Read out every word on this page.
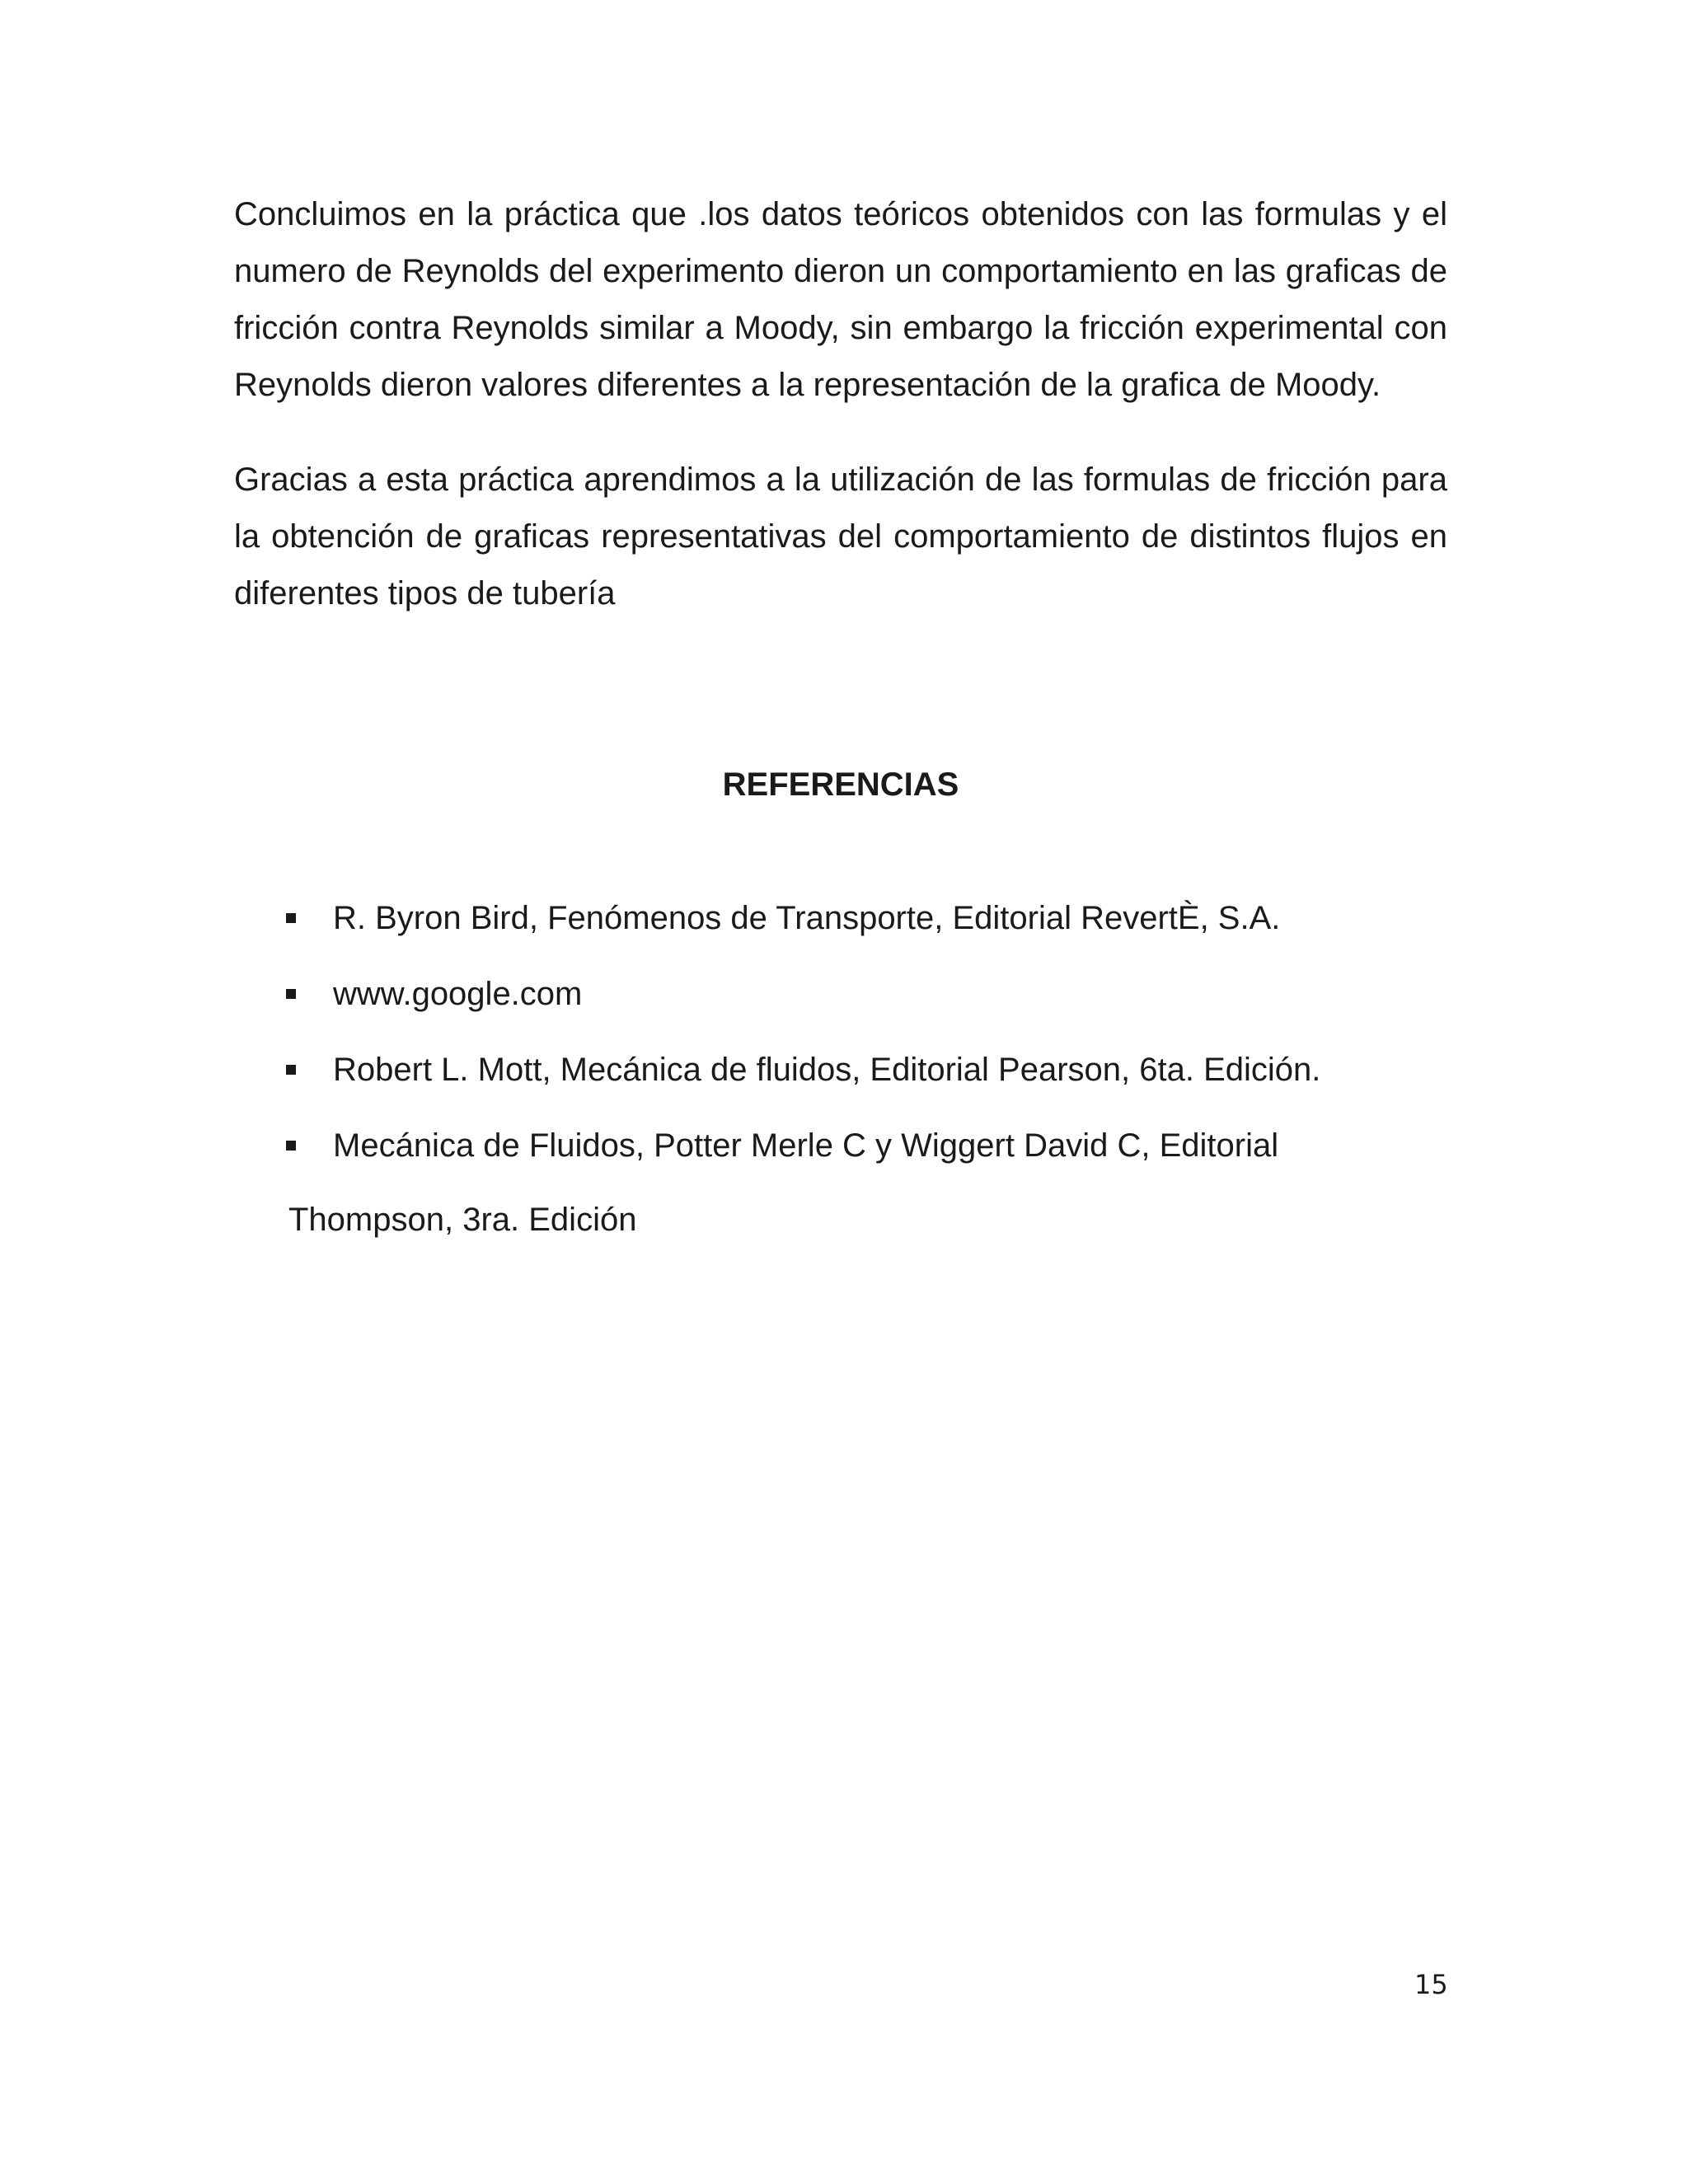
Concluimos en la práctica que .los datos teóricos obtenidos con las formulas y el numero de Reynolds del experimento dieron un comportamiento en las graficas de fricción contra Reynolds similar a Moody, sin embargo la fricción experimental con Reynolds dieron valores diferentes a la representación de la grafica de Moody.

Gracias a esta práctica aprendimos a la utilización de las formulas de fricción para la obtención de graficas representativas del comportamiento de distintos flujos en diferentes tipos de tubería

REFERENCIAS
R. Byron Bird, Fenómenos de Transporte, Editorial RevertÈ, S.A.
www.google.com
Robert L. Mott, Mecánica de fluidos, Editorial Pearson, 6ta. Edición.
Mecánica de Fluidos, Potter Merle C y Wiggert David C, Editorial
Thompson, 3ra. Edición
15
